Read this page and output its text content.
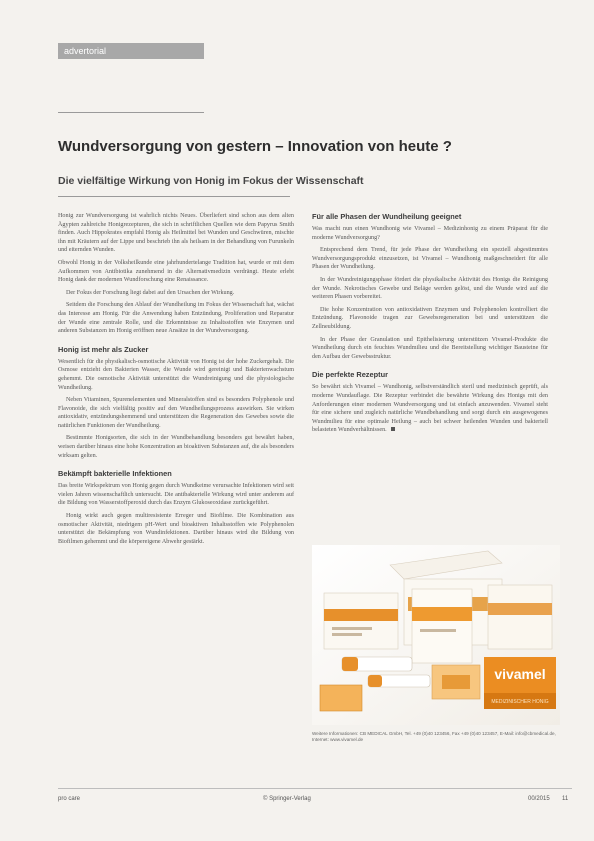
advertorial
Wundversorgung von gestern – Innovation von heute ?
Die vielfältige Wirkung von Honig im Fokus der Wissenschaft

Honig zur Wundversorgung ist wahrlich nichts Neues. Überliefert sind schon aus dem alten Ägypten zahlreiche Honigrezepturen, die sich in schriftlichen Quellen wie dem Papyrus Smith finden. Auch Hippokrates empfahl Honig als Heilmittel bei Wunden und Geschwüren, mischte ihn mit Kräutern auf der Lippe und beschrieb ihn als heilsam in der Behandlung von Furunkeln und eiternden Wunden.

Obwohl Honig in der Volksheilkunde eine jahrhundertelange Tradition hat, wurde er mit dem Aufkommen von Antibiotika zunehmend in die Alternativmedizin verdrängt. Heute erlebt Honig dank der modernen Wundforschung eine Renaissance.

Der Fokus der Forschung liegt dabei auf den Ursachen der Wirkung.

Seitdem die Forschung den Ablauf der Wundheilung im Fokus der Wissenschaft hat, wächst das Interesse am Honig. Für die Anwendung haben Entzündung, Proliferation und Reparatur der Wunde eine zentrale Rolle, und die Erkenntnisse zu Inhaltsstoffen wie Enzymen und anderen Substanzen im Honig eröffnen neue Ansätze in der Wundversorgung.

Honig ist mehr als Zucker

Wesentlich für die physikalisch-osmotische Aktivität von Honig ist der hohe Zuckergehalt. Die Osmose entzieht den Bakterien Wasser, die Wunde wird gereinigt und Bakterienwachstum gehemmt. Die osmotische Aktivität unterstützt die Wundreinigung und die physiologische Wundheilung.

Neben Vitaminen, Spurenelementen und Mineralstoffen sind es besonders Polyphenole und Flavonoide, die sich vielfältig positiv auf den Wundheilungsprozess auswirken. Sie wirken antioxidativ, entzündungshemmend und unterstützen die Regeneration des Gewebes sowie die natürlichen Funktionen der Wundheilung.

Bestimmte Honigsorten, die sich in der Wundbehandlung besonders gut bewährt haben, weisen darüber hinaus eine hohe Konzentration an bioaktiven Substanzen auf, die als besonders wirksam gelten.

Bekämpft bakterielle Infektionen

Das breite Wirkspektrum von Honig gegen durch Wundkeime verursachte Infektionen wird seit vielen Jahren wissenschaftlich untersucht. Die antibakterielle Wirkung wird unter anderem auf die Bildung von Wasserstoffperoxid durch das Enzym Glukoseoxidase zurückgeführt.

Honig wirkt auch gegen multiresistente Erreger und Biofilme. Die Kombination aus osmotischer Aktivität, niedrigem pH-Wert und bioaktiven Inhaltsstoffen wie Polyphenolen unterstützt die Bekämpfung von Wundinfektionen. Darüber hinaus wird die Bildung von Biofilmen gehemmt und die körpereigene Abwehr gestärkt.

Für alle Phasen der Wundheilung geeignet

Was macht nun einen Wundhonig wie Vivamel – Medizinhonig zu einem Präparat für die moderne Wundversorgung?

Entsprechend dem Trend, für jede Phase der Wundheilung ein speziell abgestimmtes Wundversorgungsprodukt einzusetzen, ist Vivamel – Wundhonig maßgeschneidert für alle Phasen der Wundheilung.

In der Wundreinigungsphase fördert die physikalische Aktivität des Honigs die Reinigung der Wunde. Nekrotisches Gewebe und Beläge werden gelöst, und die Wunde wird auf die weiteren Phasen vorbereitet.

Die hohe Konzentration von antioxidativen Enzymen und Polyphenolen kontrolliert die Entzündung. Flavonoide tragen zur Gewebsregeneration bei und unterstützen die Zellneubildung.

In der Phase der Granulation und Epithelisierung unterstützen Vivamel-Produkte die Wundheilung durch ein feuchtes Wundmilieu und die Bereitstellung wichtiger Bausteine für den Aufbau der Gewebsstruktur.

Die perfekte Rezeptur

So bewährt sich Vivamel – Wundhonig, selbstverständlich steril und medizinisch geprüft, als moderne Wundauflage. Die Rezeptur verbindet die bewährte Wirkung des Honigs mit den Anforderungen einer modernen Wundversorgung und ist einfach anzuwenden. Vivamel steht für eine sichere und zugleich natürliche Wundbehandlung und sorgt durch ein ausgewogenes Wundmilieu für eine optimale Heilung – auch bei schwer heilenden Wunden und bakteriell belasteten Wundverhältnissen.

vivamel
MEDIZINISCHER HONIG
Weitere Informationen: CB MEDICAL GmbH, Tel. +49 (0)40 123456, Fax +49 (0)40 123457, E-Mail: info@cbmedical.de, Internet: www.vivamel.de
pro care	© Springer-Verlag	00/2015 11
